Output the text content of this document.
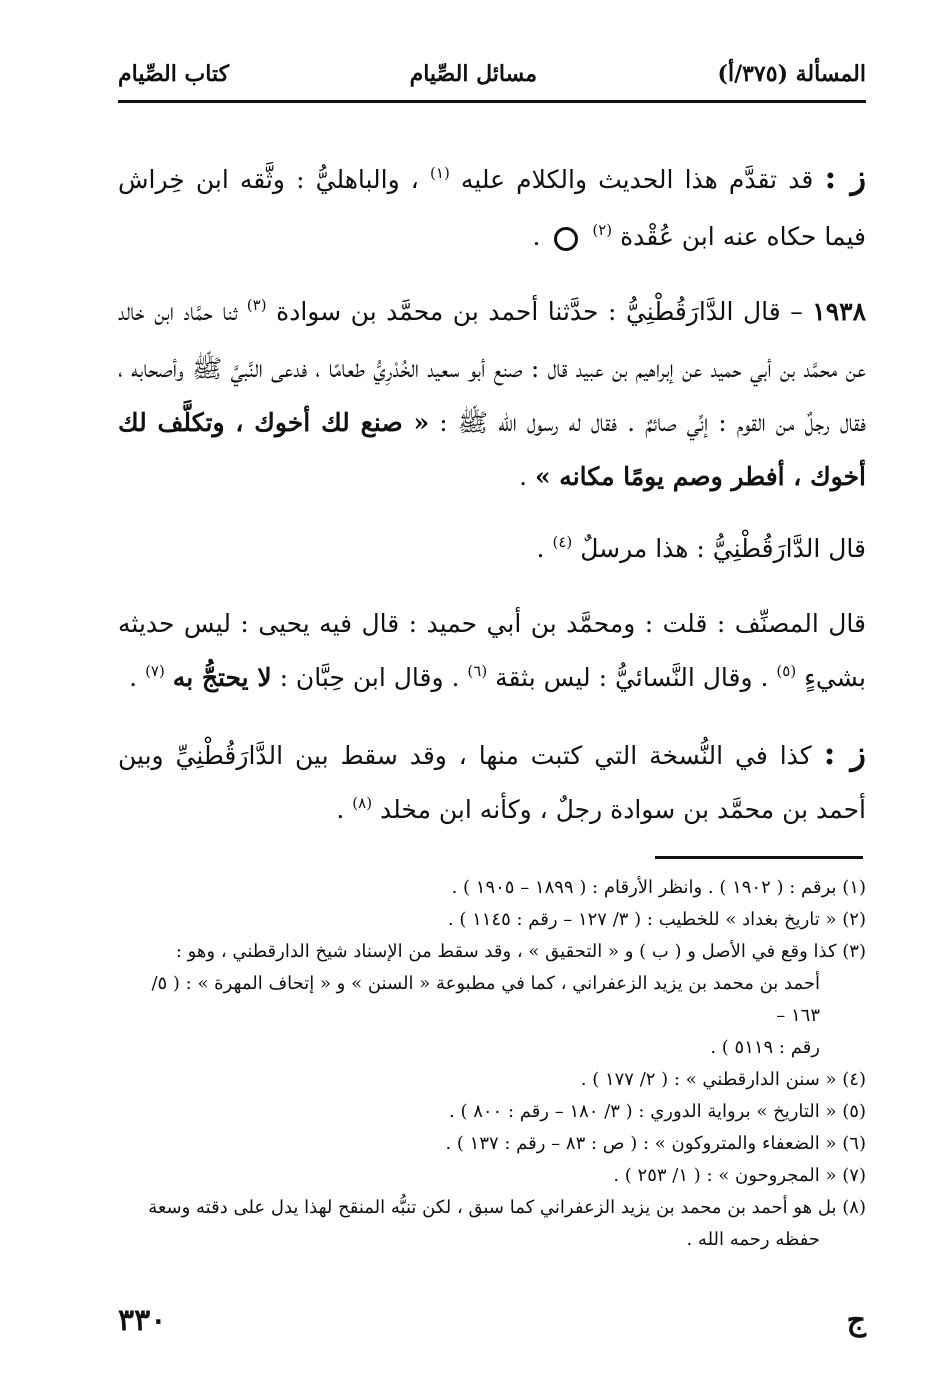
كتاب الصِّيام	مسائل الصِّيام	المسألة (٣٧٥/أ)
ز : قد تقدَّم هذا الحديث والكلام عليه $^{(١)}$ ، والباهليُّ : وثَّقه ابن خِراش فيما حكاه عنه ابن عُقْدة $^{(٢)}$  .
١٩٣٨ – قال الدَّارَقُطْنِيُّ : حدَّثنا أحمد بن محمَّد بن سوادة $^{(٣)}$ ثنا حمَّاد ابن خالد عن محمَّد بن أبي حميد عن إبراهيم بن عبيد قال : صنع أبو سعيد الخُدْرِيُّ طعامًا ، فدعى النَّبيَّ ﷺ وأصحابه ، فقال رجلٌ من القوم : إنِّي صائمٌ . فقال له رسول الله ﷺ : « صنع لك أخوك ، وتكلَّف لك أخوك ، أفطر وصم يومًا مكانه » .
قال الدَّارَقُطْنِيُّ : هذا مرسلٌ $^{(٤)}$ .
قال المصنِّف : قلت : ومحمَّد بن أبي حميد : قال فيه يحيى : ليس حديثه بشيءٍ $^{(٥)}$ . وقال النَّسائيُّ : ليس بثقة $^{(٦)}$ . وقال ابن حِبَّان : لا يحتجُّ به $^{(٧)}$ .
ز : كذا في النُّسخة التي كتبت منها ، وقد سقط بين الدَّارَقُطْنِيِّ وبين أحمد بن محمَّد بن سوادة رجلٌ ، وكأنه ابن مخلد $^{(٨)}$ .
(١) برقم : ( ١٩٠٢ ) . وانظر الأرقام : ( ١٨٩٩ – ١٩٠٥ ) .
(٢) « تاريخ بغداد » للخطيب : ( ٣/ ١٢٧ – رقم : ١١٤٥ ) .
(٣) كذا وقع في الأصل و ( ب ) و « التحقيق » ، وقد سقط من الإسناد شيخ الدارقطني ، وهو :
أحمد بن محمد بن يزيد الزعفراني ، كما في مطبوعة « السنن » و « إتحاف المهرة » : ( ٥/ ١٦٣ –
رقم : ٥١١٩ ) .
(٤) « سنن الدارقطني » : ( ٢/ ١٧٧ ) .
(٥) « التاريخ » برواية الدوري : ( ٣/ ١٨٠ – رقم : ٨٠٠ ) .
(٦) « الضعفاء والمتروكون » : ( ص : ٨٣ – رقم : ١٣٧ ) .
(٧) « المجروحون » : ( ١/ ٢٥٣ ) .
(٨) بل هو أحمد بن محمد بن يزيد الزعفراني كما سبق ، لكن تنبُّه المنقح لهذا يدل على دقته وسعة
حفظه رحمه الله .
٣٣٠	ج
